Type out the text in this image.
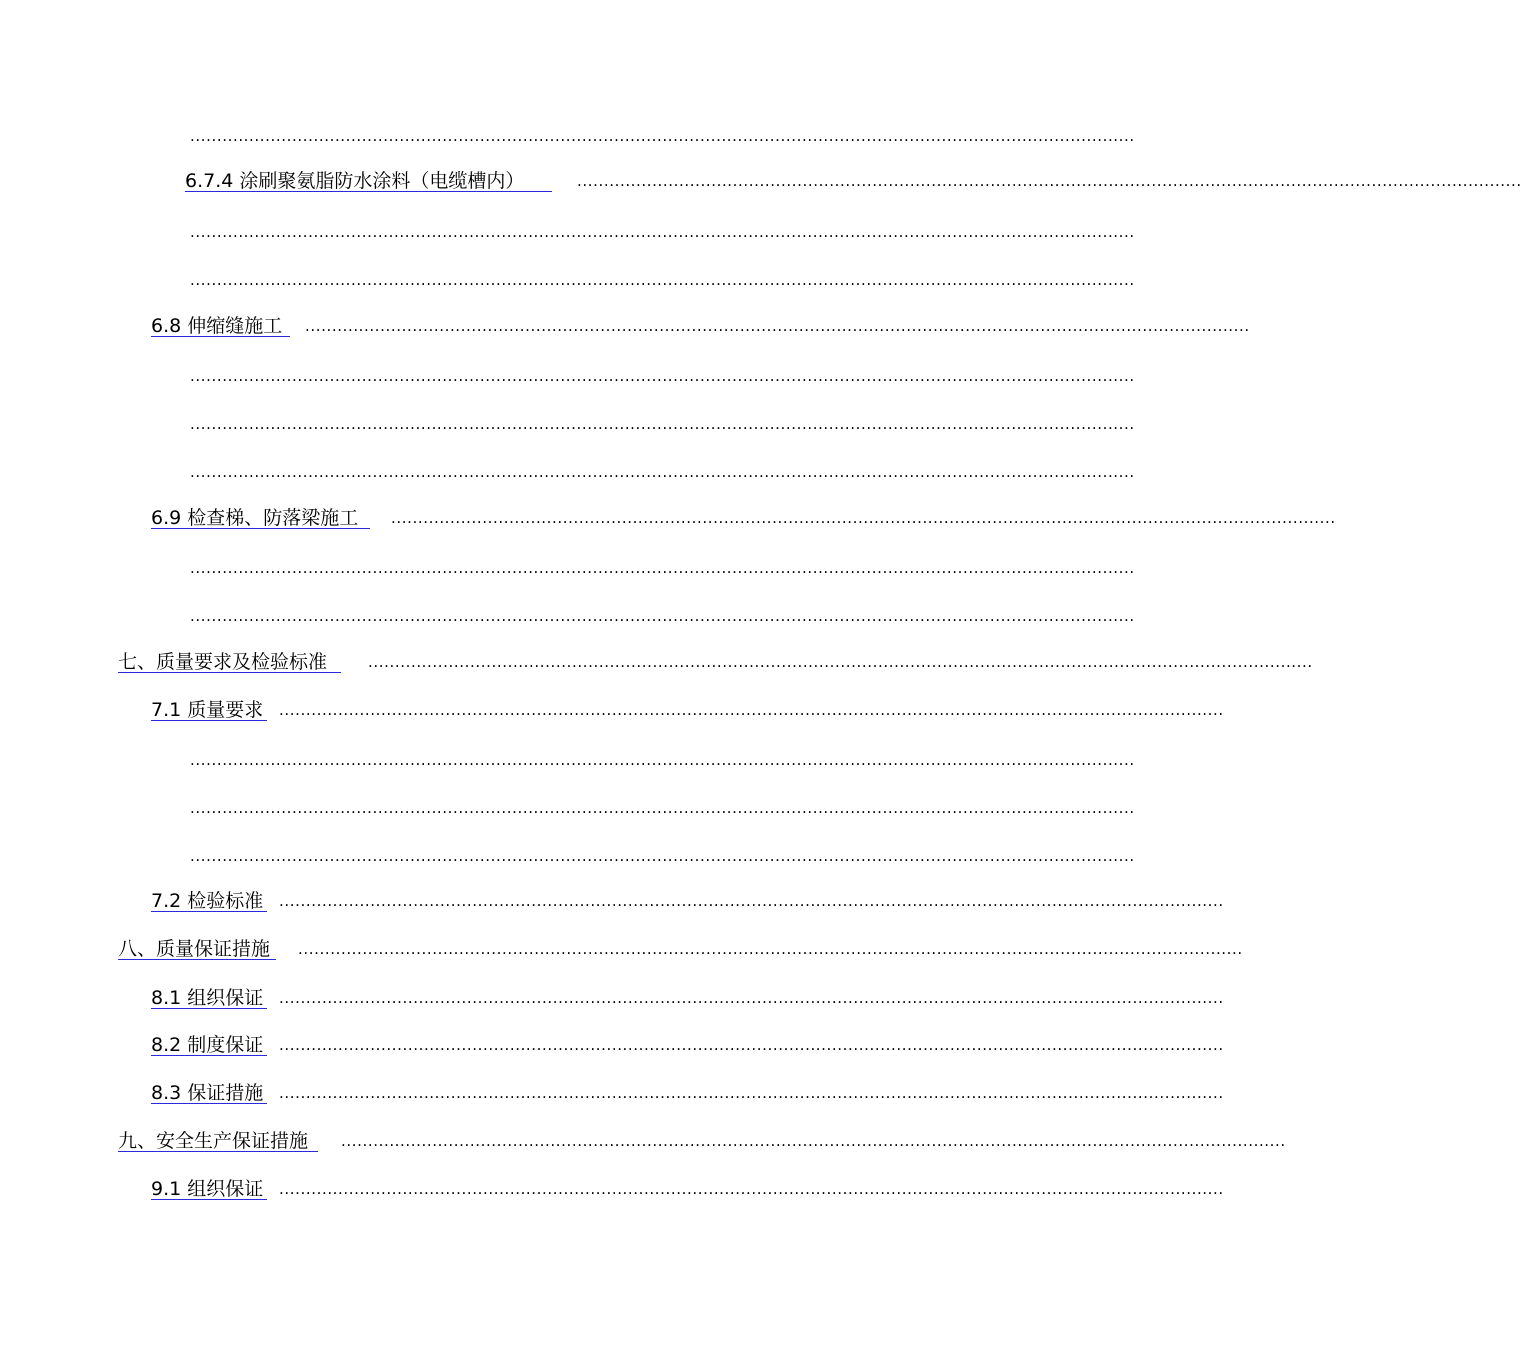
................................................................................................................................................................................
6.7.4 涂刷聚氨脂防水涂料（电缆槽内）	................................................................................................................................................................................
................................................................................................................................................................................
................................................................................................................................................................................
6.8 伸缩缝施工 ................................................................................................................................................................................
................................................................................................................................................................................
................................................................................................................................................................................
................................................................................................................................................................................
6.9 检查梯、防落梁施工 ................................................................................................................................................................................
................................................................................................................................................................................
................................................................................................................................................................................
七、质量要求及检验标准	................................................................................................................................................................................
7.1 质量要求 ................................................................................................................................................................................
................................................................................................................................................................................
................................................................................................................................................................................
................................................................................................................................................................................
7.2 检验标准 ................................................................................................................................................................................
八、质量保证措施 ................................................................................................................................................................................
8.1 组织保证 ................................................................................................................................................................................
8.2 制度保证 ................................................................................................................................................................................
8.3 保证措施 ................................................................................................................................................................................
九、安全生产保证措施 ................................................................................................................................................................................
9.1 组织保证 ................................................................................................................................................................................
